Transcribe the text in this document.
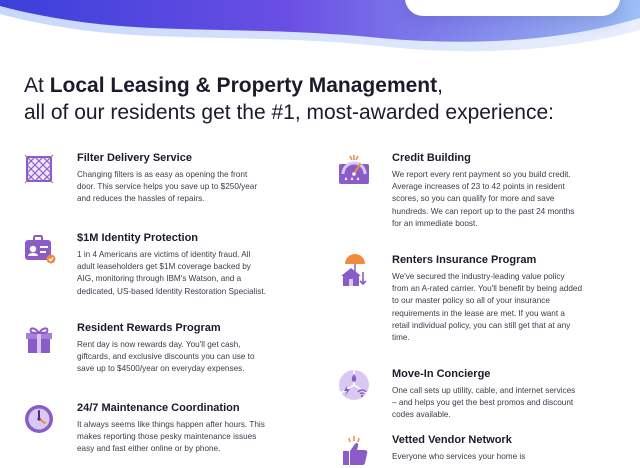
At Local Leasing & Property Management,
all of our residents get the #1, most-awarded experience:
Filter Delivery Service

Changing filters is as easy as opening the front door. This service helps you save up to $250/year and reduces the hassles of repairs.

$1M Identity Protection

1 in 4 Americans are victims of identity fraud. All adult leaseholders get $1M coverage backed by AIG, monitoring through IBM's Watson, and a dedicated, US-based Identity Restoration Specialist.

Resident Rewards Program

Rent day is now rewards day. You'll get cash, giftcards, and exclusive discounts you can use to save up to $4500/year on everyday expenses.

24/7 Maintenance Coordination

It always seems like things happen after hours. This makes reporting those pesky maintenance issues easy and fast either online or by phone.

Credit Building

We report every rent payment so you build credit. Average increases of 23 to 42 points in resident scores, so you can qualify for more and save hundreds. We can report up to the past 24 months for an immediate boost.

Renters Insurance Program

We've secured the industry-leading value policy from an A-rated carrier. You'll benefit by being added to our master policy so all of your insurance requirements in the lease are met. If you want a retail individual policy, you can still get that at any time.

Move-In Concierge

One call sets up utility, cable, and internet services – and helps you get the best promos and discount codes available.

Vetted Vendor Network

Everyone who services your home is
